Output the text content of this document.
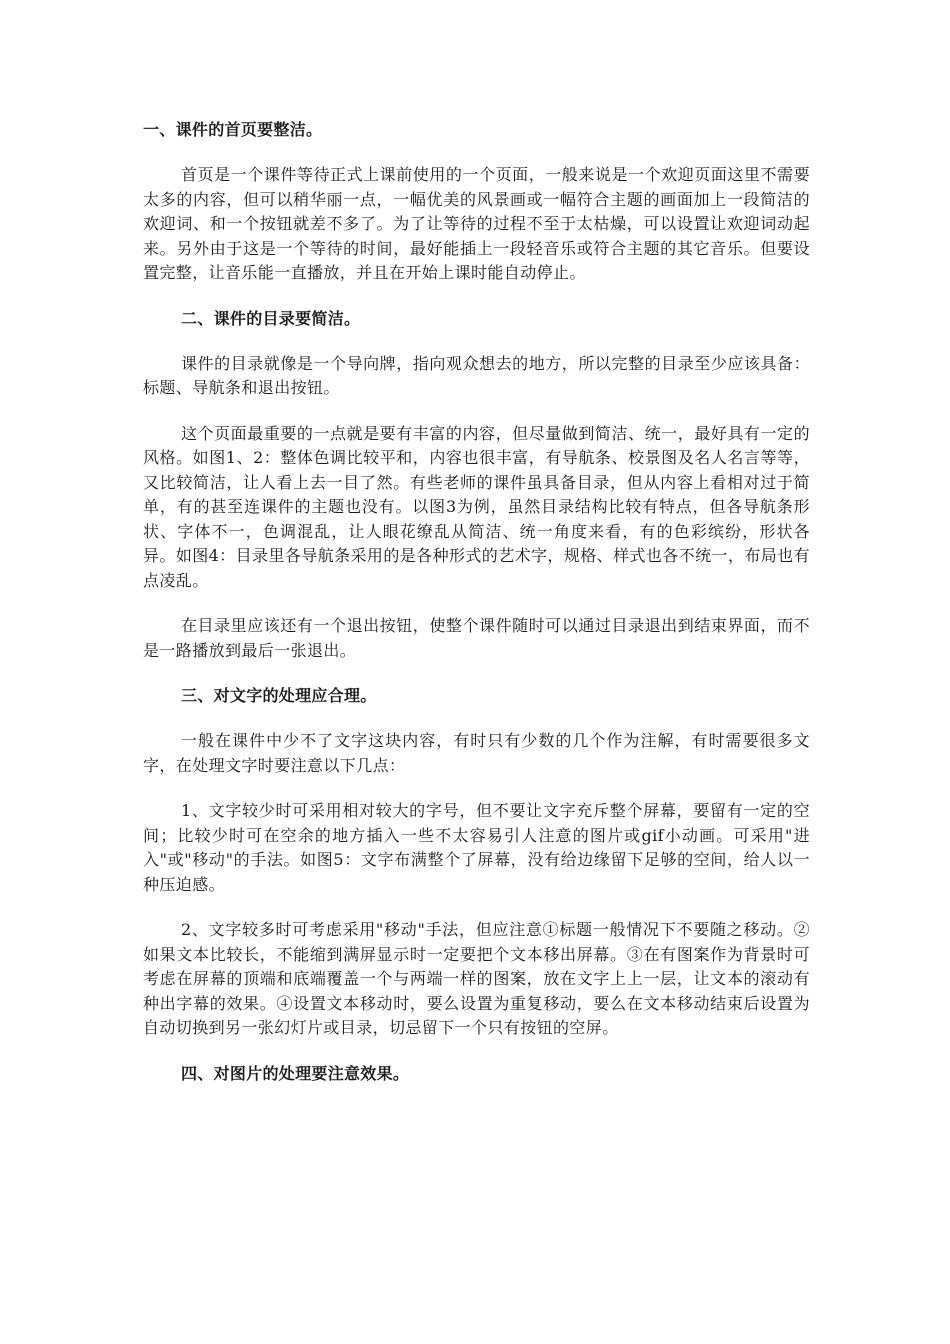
一、课件的首页要整洁。

首页是一个课件等待正式上课前使用的一个页面，一般来说是一个欢迎页面这里不需要太多的内容，但可以稍华丽一点，一幅优美的风景画或一幅符合主题的画面加上一段简洁的欢迎词、和一个按钮就差不多了。为了让等待的过程不至于太枯燥，可以设置让欢迎词动起来。另外由于这是一个等待的时间，最好能插上一段轻音乐或符合主题的其它音乐。但要设置完整，让音乐能一直播放，并且在开始上课时能自动停止。

二、课件的目录要简洁。

课件的目录就像是一个导向牌，指向观众想去的地方，所以完整的目录至少应该具备：标题、导航条和退出按钮。

这个页面最重要的一点就是要有丰富的内容，但尽量做到简洁、统一，最好具有一定的风格。如图1、2：整体色调比较平和，内容也很丰富，有导航条、校景图及名人名言等等，又比较简洁，让人看上去一目了然。有些老师的课件虽具备目录，但从内容上看相对过于简单，有的甚至连课件的主题也没有。以图3为例，虽然目录结构比较有特点，但各导航条形状、字体不一，色调混乱，让人眼花缭乱从简洁、统一角度来看，有的色彩缤纷，形状各异。如图4：目录里各导航条采用的是各种形式的艺术字，规格、样式也各不统一，布局也有点凌乱。

在目录里应该还有一个退出按钮，使整个课件随时可以通过目录退出到结束界面，而不是一路播放到最后一张退出。

三、对文字的处理应合理。

一般在课件中少不了文字这块内容，有时只有少数的几个作为注解，有时需要很多文字，在处理文字时要注意以下几点：

1、文字较少时可采用相对较大的字号，但不要让文字充斥整个屏幕，要留有一定的空间；比较少时可在空余的地方插入一些不太容易引人注意的图片或gif小动画。可采用"进入"或"移动"的手法。如图5：文字布满整个了屏幕，没有给边缘留下足够的空间，给人以一种压迫感。

2、文字较多时可考虑采用"移动"手法，但应注意①标题一般情况下不要随之移动。②如果文本比较长，不能缩到满屏显示时一定要把个文本移出屏幕。③在有图案作为背景时可考虑在屏幕的顶端和底端覆盖一个与两端一样的图案，放在文字上上一层，让文本的滚动有种出字幕的效果。④设置文本移动时，要么设置为重复移动，要么在文本移动结束后设置为自动切换到另一张幻灯片或目录，切忌留下一个只有按钮的空屏。

四、对图片的处理要注意效果。
